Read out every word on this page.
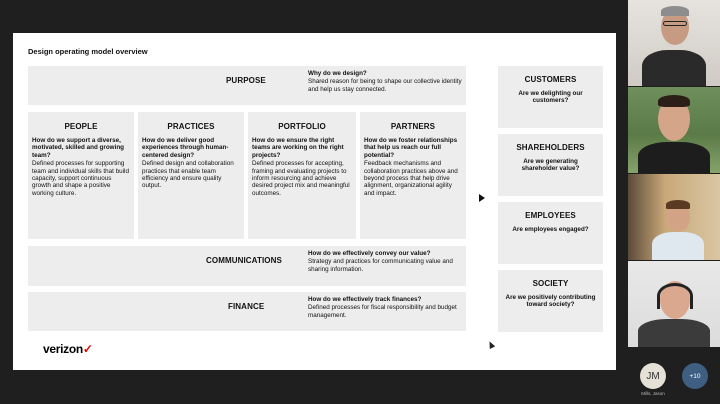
Design operating model overview
PURPOSE
Why do we design?
Shared reason for being to shape our collective identity and help us stay connected.
PEOPLE
How do we support a diverse, motivated, skilled and growing team?
Defined processes for supporting team and individual skills that build capacity, support continuous growth and shape a positive working culture.
PRACTICES
How do we deliver good experiences through human-centered design?
Defined design and collaboration practices that enable team efficiency and ensure quality output.
PORTFOLIO
How do we ensure the right teams are working on the right projects?
Defined processes for accepting, framing and evaluating projects to inform resourcing and achieve desired project mix and meaningful outcomes.
PARTNERS
How do we foster relationships that help us reach our full potential?
Feedback mechanisms and collaboration practices above and beyond process that help drive alignment, organizational agility and impact.
COMMUNICATIONS
How do we effectively convey our value?
Strategy and practices for communicating value and sharing information.
FINANCE
How do we effectively track finances?
Defined processes for fiscal responsibility and budget management.
CUSTOMERS
Are we delighting our customers?
SHAREHOLDERS
Are we generating shareholder value?
EMPLOYEES
Are employees engaged?
SOCIETY
Are we positively contributing toward society?
verizon✓
JM
Mills, Jason
+10
